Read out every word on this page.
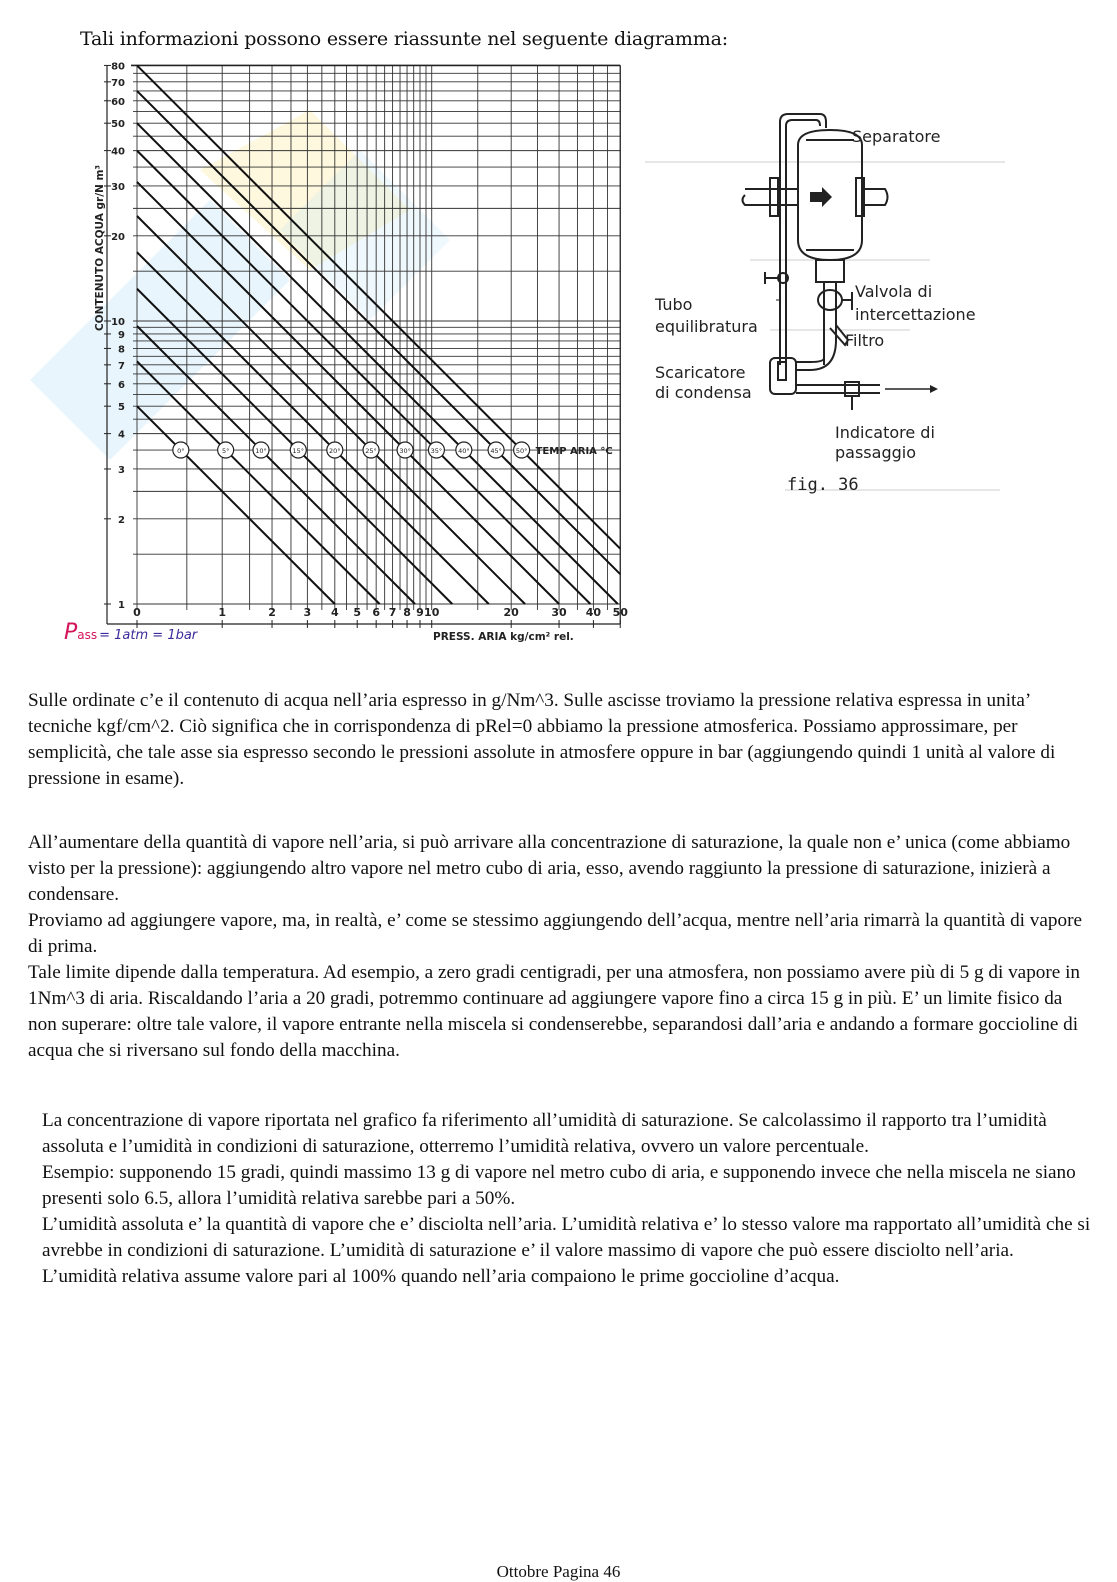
Tali informazioni possono essere riassunte nel seguente diagramma:
1
2
3
4
5
6
7
8
9
10
20
30
40
50
60
70
80
0	1	2	3 4 5 6 7 8 9 10	20	30 40 50
0°	5°	10°	15°	20°	25°	30°	35° 40°	45° 50° TEMP ARIA °C
CONTENUTO ACQUA gr/N m³
PRESS. ARIA kg/cm² rel.
Pass = 1atm = 1bar
Separatore
Valvola di
intercettazione
Tubo
equilibratura
Filtro
Scaricatore
di condensa
Indicatore di
passaggio
fig. 36

Sulle ordinate c’e il contenuto di acqua nell’aria espresso in g/Nm^3. Sulle ascisse troviamo la pressione relativa espressa in unita’ tecniche kgf/cm^2. Ciò significa che in corrispondenza di pRel=0 abbiamo la pressione atmosferica. Possiamo approssimare, per semplicità, che tale asse sia espresso secondo le pressioni assolute in atmosfere oppure in bar (aggiungendo quindi 1 unità al valore di pressione in esame).

All’aumentare della quantità di vapore nell’aria, si può arrivare alla concentrazione di saturazione, la quale non e’ unica (come abbiamo visto per la pressione): aggiungendo altro vapore nel metro cubo di aria, esso, avendo raggiunto la pressione di saturazione, inizierà a condensare.

Proviamo ad aggiungere vapore, ma, in realtà, e’ come se stessimo aggiungendo dell’acqua, mentre nell’aria rimarrà la quantità di vapore di prima.

Tale limite dipende dalla temperatura. Ad esempio, a zero gradi centigradi, per una atmosfera, non possiamo avere più di 5 g di vapore in 1Nm^3 di aria. Riscaldando l’aria a 20 gradi, potremmo continuare ad aggiungere vapore fino a circa 15 g in più. E’ un limite fisico da non superare: oltre tale valore, il vapore entrante nella miscela si condenserebbe, separandosi dall’aria e andando a formare goccioline di acqua che si riversano sul fondo della macchina.

La concentrazione di vapore riportata nel grafico fa riferimento all’umidità di saturazione. Se calcolassimo il rapporto tra l’umidità assoluta e l’umidità in condizioni di saturazione, otterremo l’umidità relativa, ovvero un valore percentuale.

Esempio: supponendo 15 gradi, quindi massimo 13 g di vapore nel metro cubo di aria, e supponendo invece che nella miscela ne siano presenti solo 6.5, allora l’umidità relativa sarebbe pari a 50%.

L’umidità assoluta e’ la quantità di vapore che e’ disciolta nell’aria. L’umidità relativa e’ lo stesso valore ma rapportato all’umidità che si avrebbe in condizioni di saturazione. L’umidità di saturazione e’ il valore massimo di vapore che può essere disciolto nell’aria.

L’umidità relativa assume valore pari al 100% quando nell’aria compaiono le prime goccioline d’acqua.

Ottobre Pagina 46
